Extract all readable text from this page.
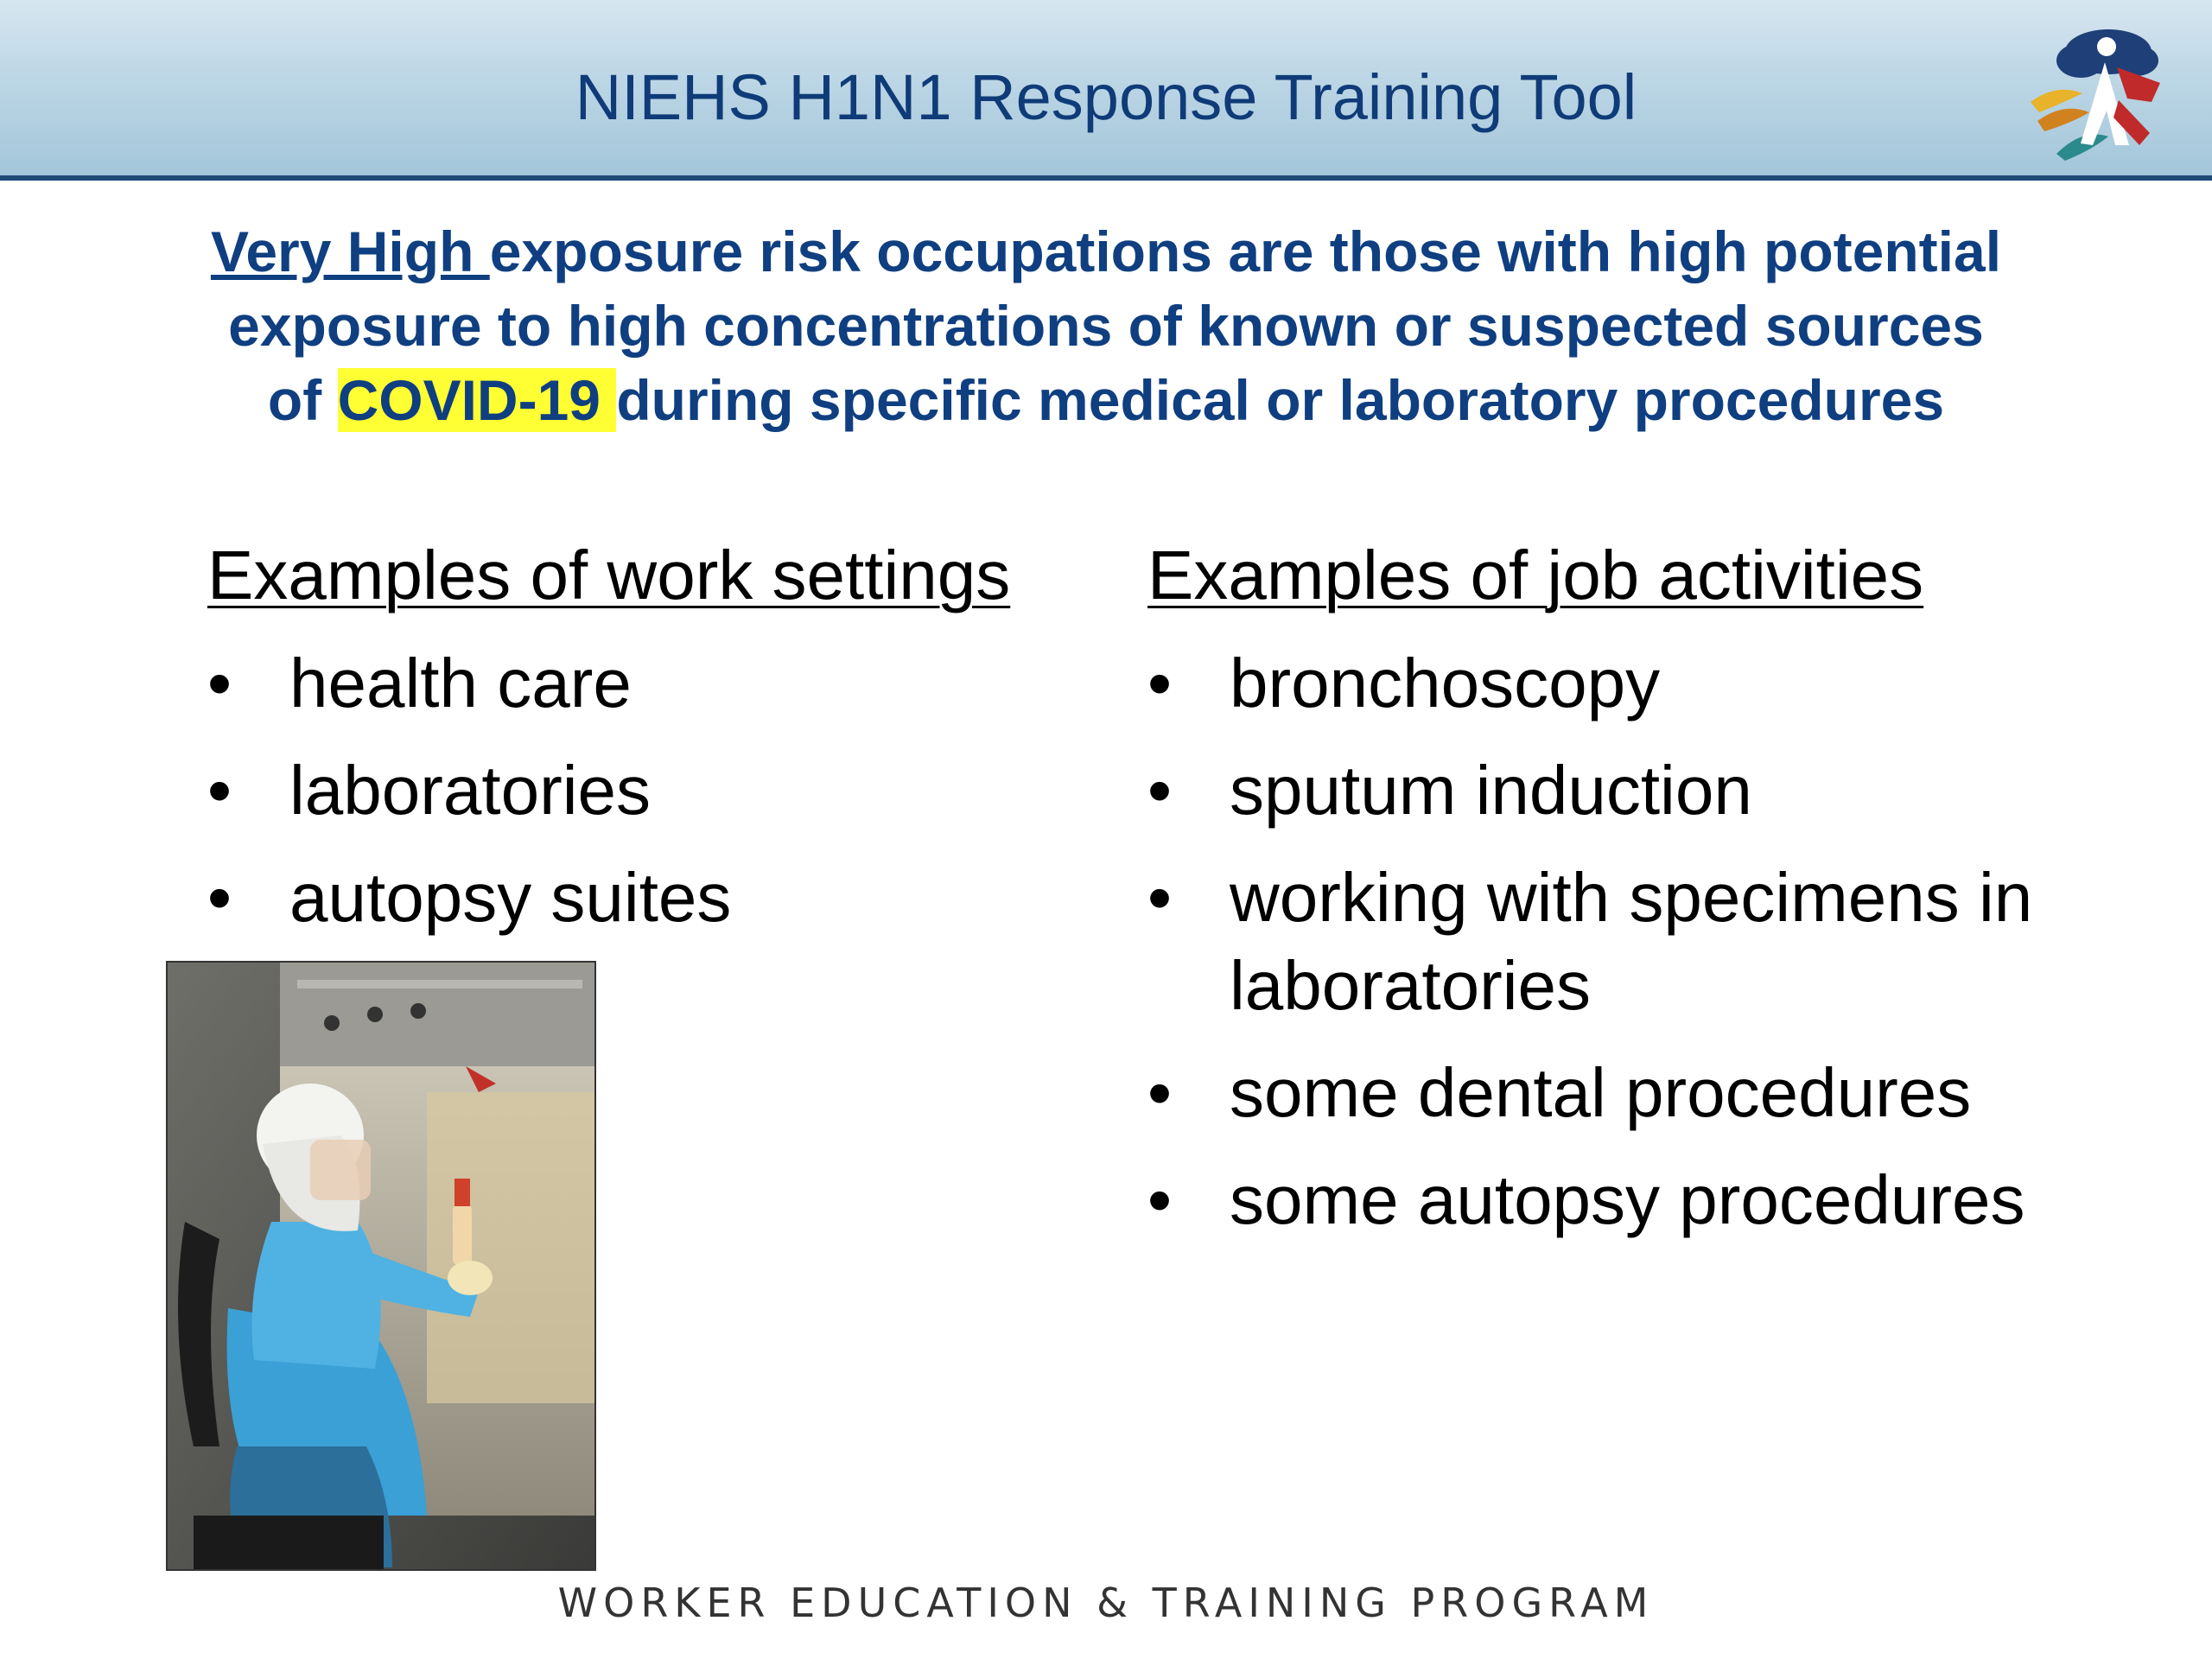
NIEHS H1N1 Response Training Tool
Very High exposure risk occupations are those with high potential exposure to high concentrations of known or suspected sources of COVID-19 during specific medical or laboratory procedures
Examples of work settings
• health care
• laboratories
• autopsy suites
Examples of job activities
• bronchoscopy
• sputum induction
• working with specimens in laboratories
• some dental procedures
• some autopsy procedures
WORKER EDUCATION & TRAINING PROGRAM
